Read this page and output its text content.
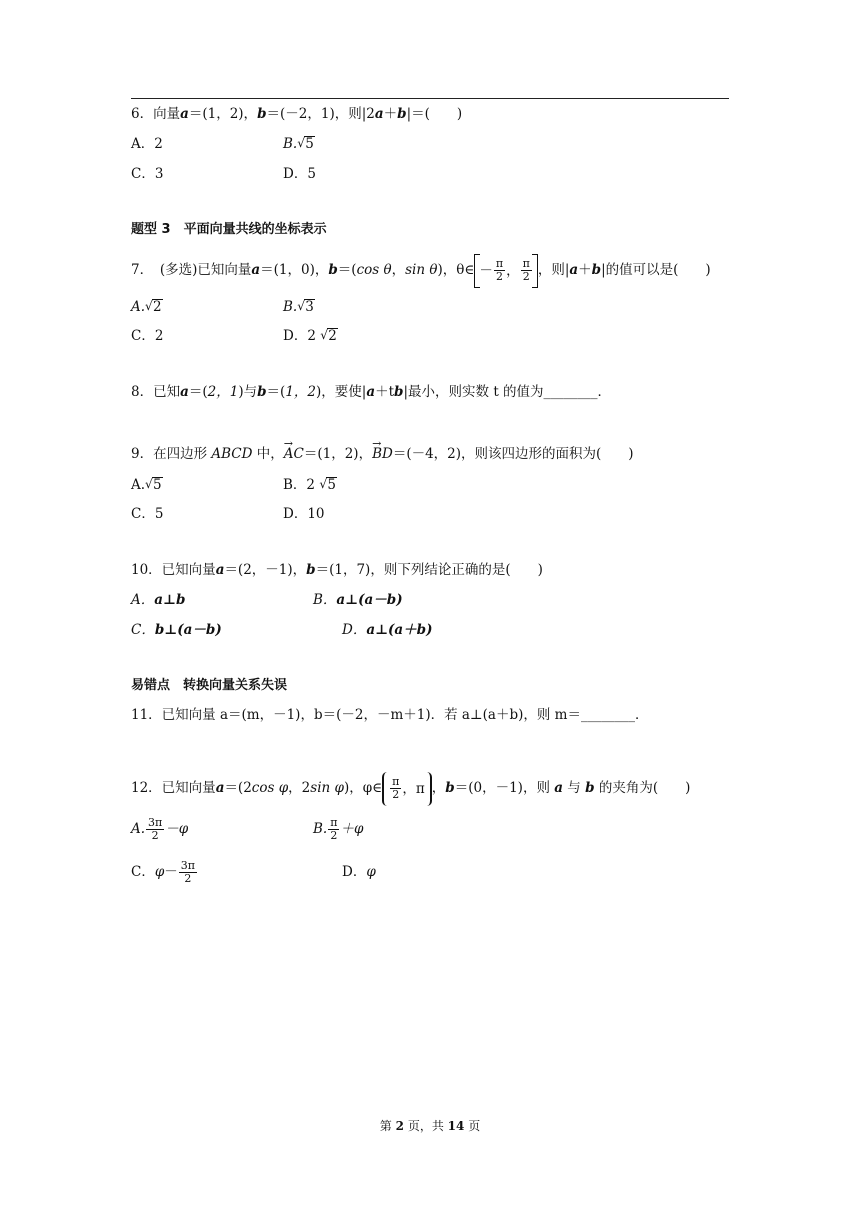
6．向量a＝(1，2)，b＝(－2，1)，则|2a＋b|＝(　　)
A．2	B. √ 5
C．3	D．5
题型 3　平面向量共线的坐标表示
7．　(多选)已知向量a＝(1，0)，b＝(cos θ，sin θ)，θ∈ － $\frac{\pi}{2}$ ， $\frac{\pi}{2}$ ，则|a＋b|的值可以是(　　)
A. √ 2	B. √ 3
C．2	D．2 √ 2
8．已知a＝(2，1)与b＝(1，2)，要使|a＋tb|最小，则实数 t 的值为________．
9．在四边形 ABCD 中，→ AC＝(1，2)，→ BD＝(－4，2)，则该四边形的面积为(　　)
A. √ 5	B．2 √ 5
C．5	D．10
10．已知向量a＝(2，－1)，b＝(1，7)，则下列结论正确的是(　　)
A．a⊥b	B．a⊥(a－b)
C．b⊥(a－b)	D．a⊥(a＋b)
易错点　转换向量关系失误
11．已知向量 a＝(m，－1)，b＝(－2，－m＋1)．若 a⊥(a＋b)，则 m＝________．
12．已知向量a＝(2cos φ，2sin φ)，φ∈ $\frac{\pi}{2}$ ，π ，b＝(0，－1)，则 a 与 b 的夹角为(　　)
A. $\frac{3\pi}{2} -\varphi$	B. $\frac{\pi}{2} +\varphi$
C．$\varphi- \frac{3\pi}{2}$	D．φ
第 2 页，共 14 页
